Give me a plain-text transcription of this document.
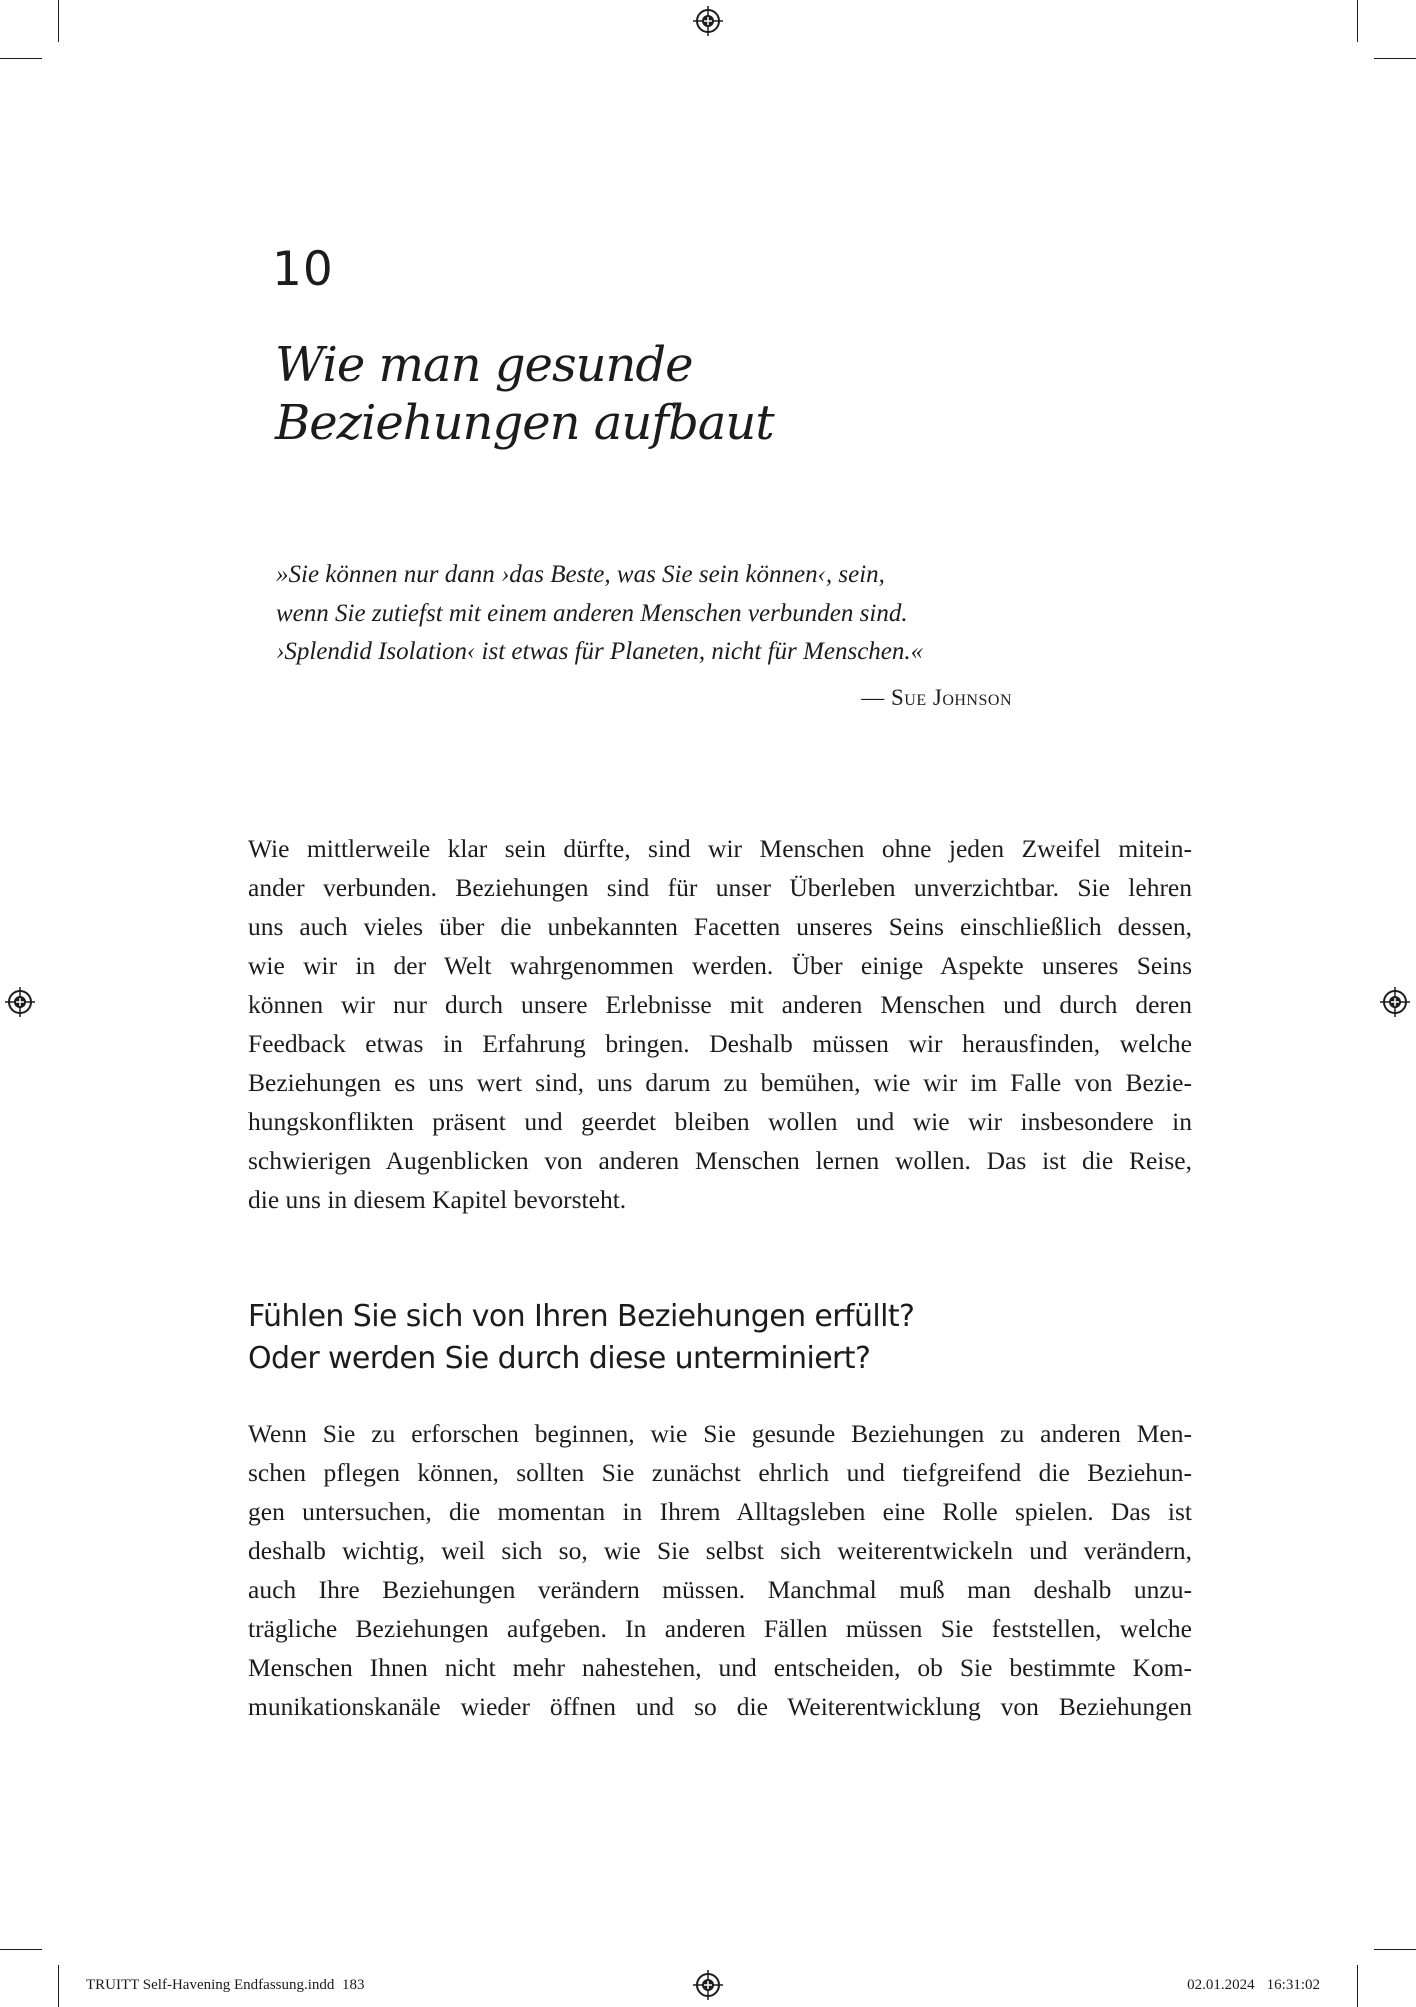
10
Wie man gesunde
Beziehungen aufbaut
»Sie können nur dann ›das Beste, was Sie sein können‹, sein,
wenn Sie zutiefst mit einem anderen Menschen verbunden sind.
›Splendid Isolation‹ ist etwas für Planeten, nicht für Menschen.«
— Sue Johnson
Wie mittlerweile klar sein dürfte, sind wir Menschen ohne jeden Zweifel mitein-
ander verbunden. Beziehungen sind für unser Überleben unverzichtbar. Sie lehren
uns auch vieles über die unbekannten Facetten unseres Seins einschließlich dessen,
wie wir in der Welt wahrgenommen werden. Über einige Aspekte unseres Seins
können wir nur durch unsere Erlebnisse mit anderen Menschen und durch deren
Feedback etwas in Erfahrung bringen. Deshalb müssen wir herausfinden, welche
Beziehungen es uns wert sind, uns darum zu bemühen, wie wir im Falle von Bezie-
hungskonflikten präsent und geerdet bleiben wollen und wie wir insbesondere in
schwierigen Augenblicken von anderen Menschen lernen wollen. Das ist die Reise,
die uns in diesem Kapitel bevorsteht.
Fühlen Sie sich von Ihren Beziehungen erfüllt?
Oder werden Sie durch diese unterminiert?
Wenn Sie zu erforschen beginnen, wie Sie gesunde Beziehungen zu anderen Men-
schen pflegen können, sollten Sie zunächst ehrlich und tiefgreifend die Beziehun-
gen untersuchen, die momentan in Ihrem Alltagsleben eine Rolle spielen. Das ist
deshalb wichtig, weil sich so, wie Sie selbst sich weiterentwickeln und verändern,
auch Ihre Beziehungen verändern müssen. Manchmal muß man deshalb unzu-
trägliche Beziehungen aufgeben. In anderen Fällen müssen Sie feststellen, welche
Menschen Ihnen nicht mehr nahestehen, und entscheiden, ob Sie bestimmte Kom-
munikationskanäle wieder öffnen und so die Weiterentwicklung von Beziehungen
TRUITT Self-Havening Endfassung.indd 183	02.01.2024 16:31:02
